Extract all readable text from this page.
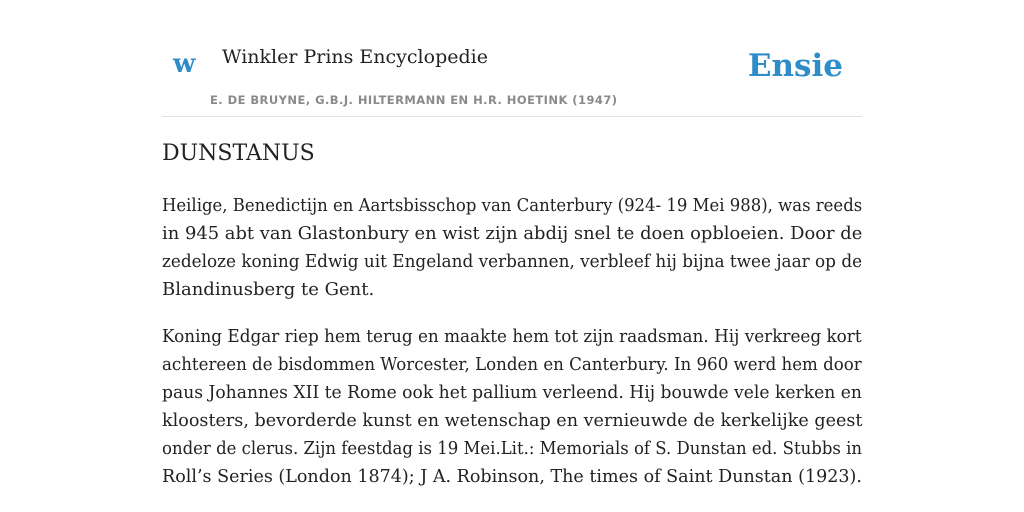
w Winkler Prins Encyclopedie
E. DE BRUYNE, G.B.J. HILTERMANN EN H.R. HOETINK (1947)
Ensie
DUNSTANUS

Heilige, Benedictijn en Aartsbisschop van Canterbury (924- 19 Mei 988), was reeds in 945 abt van Glastonbury en wist zijn abdij snel te doen opbloeien. Door de zedeloze koning Edwig uit Engeland verbannen, verbleef hij bijna twee jaar op de
Blandinusberg te Gent.

Koning Edgar riep hem terug en maakte hem tot zijn raadsman. Hij verkreeg kort achtereen de bisdommen Worcester, Londen en Canterbury. In 960 werd hem door paus Johannes XII te Rome ook het pallium verleend. Hij bouwde vele kerken en kloosters, bevorderde kunst en wetenschap en vernieuwde de kerkelijke geest onder de clerus. Zijn feestdag is 19 Mei.Lit.: Memorials of S. Dunstan ed. Stubbs in Roll’s Series (London 1874); J A. Robinson, The times of Saint Dunstan (1923).
